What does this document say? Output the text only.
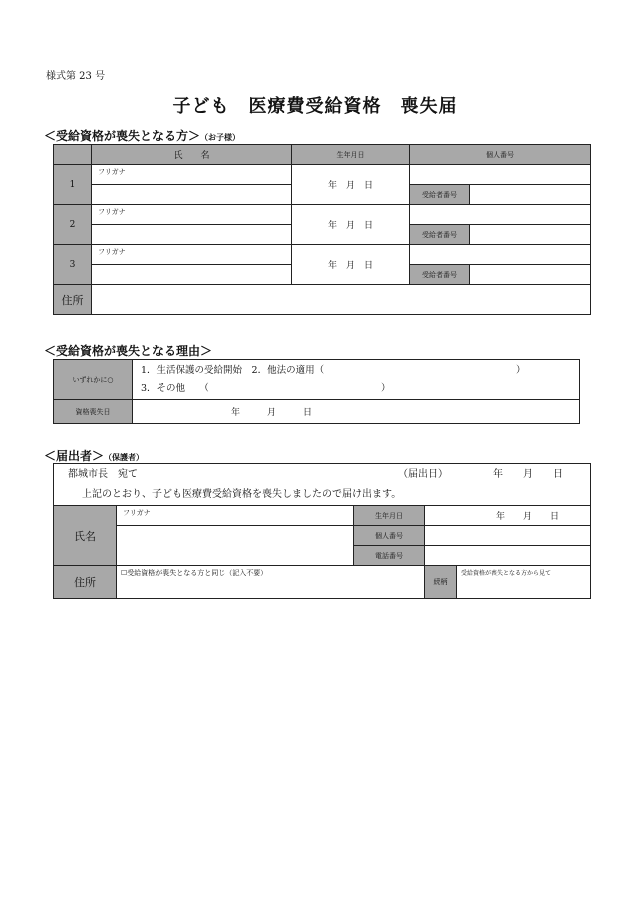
様式第 23 号
子ども　医療費受給資格　喪失届
＜受給資格が喪失となる方＞（お子様）
	氏　　名	生年月日	個人番号	
1	フリガナ	年　月　日		

			受給者番号	
2	フリガナ	年　月　日		

			受給者番号	
3	フリガナ	年　月　日		

			受給者番号	
住所				
＜受給資格が喪失となる理由＞
いずれかに○	1．生活保護の受給開始　2．他法の適用（ ）
3．その他　　（ ）

資格喪失日	年　　　月　　　日
＜届出者＞（保護者）
都城市長　宛て （届出日） 年　　月　　日
上記のとおり、子ども医療費受給資格を喪失しましたので届け出ます。				

氏名	フリガナ	生年月日	年　　月　　日	
		個人番号		

		電話番号		
住所	☐受給資格が喪失となる方と同じ（記入不要）		続柄	受給資格が喪失となる方から見て
